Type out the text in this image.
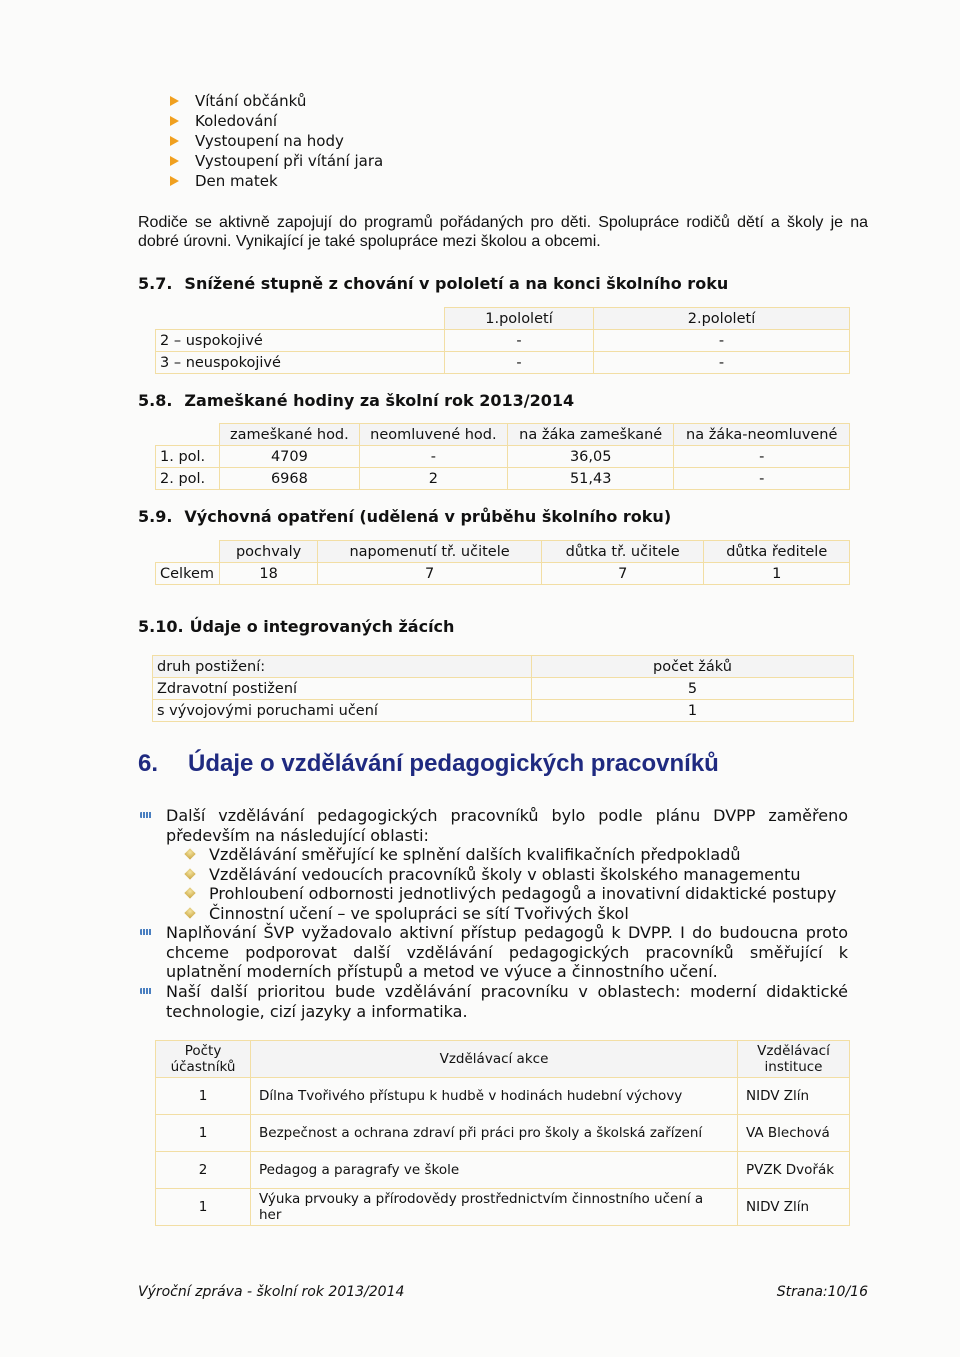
Vítání občánků
Koledování
Vystoupení na hody
Vystoupení při vítání jara
Den matek
Rodiče se aktivně zapojují do programů pořádaných pro děti. Spolupráce rodičů dětí a školy je na dobré úrovni. Vynikající je také spolupráce mezi školou a obcemi.
5.7. Snížené stupně z chování v pololetí a na konci školního roku
	1.pololetí	2.pololetí
2 – uspokojivé	-	-
3 – neuspokojivé	-	-
5.8. Zameškané hodiny za školní rok 2013/2014
	zameškané hod.	neomluvené hod.	na žáka zameškané	na žáka-neomluvené
1. pol.	4709	-	36,05	-
2. pol.	6968	2	51,43	-
5.9. Výchovná opatření (udělená v průběhu školního roku)
	pochvaly	napomenutí tř. učitele	důtka tř. učitele	důtka ředitele
Celkem	18	7	7	1
5.10. Údaje o integrovaných žácích
druh postižení:	počet žáků
Zdravotní postižení	5
s vývojovými poruchami učení	1
6. Údaje o vzdělávání pedagogických pracovníků
Další vzdělávání pedagogických pracovníků bylo podle plánu DVPP zaměřeno především na následující oblasti:
Vzdělávání směřující ke splnění dalších kvalifikačních předpokladů
Vzdělávání vedoucích pracovníků školy v oblasti školského managementu
Prohloubení odbornosti jednotlivých pedagogů a inovativní didaktické postupy
Činnostní učení – ve spolupráci se sítí Tvořivých škol
Naplňování ŠVP vyžadovalo aktivní přístup pedagogů k DVPP. I do budoucna proto chceme podporovat další vzdělávání pedagogických pracovníků směřující k uplatnění moderních přístupů a metod ve výuce a činnostního učení.
Naší další prioritou bude vzdělávání pracovníku v oblastech: moderní didaktické technologie, cizí jazyky a informatika.
Počty účastníků	Vzdělávací akce	Vzdělávací instituce
1	Dílna Tvořivého přístupu k hudbě v hodinách hudební výchovy	NIDV Zlín
1	Bezpečnost a ochrana zdraví při práci pro školy a školská zařízení	VA Blechová
2	Pedagog a paragrafy ve škole	PVZK Dvořák
1	Výuka prvouky a přírodovědy prostřednictvím činnostního učení a her	NIDV Zlín
Výroční zpráva - školní rok 2013/2014	Strana:10/16
